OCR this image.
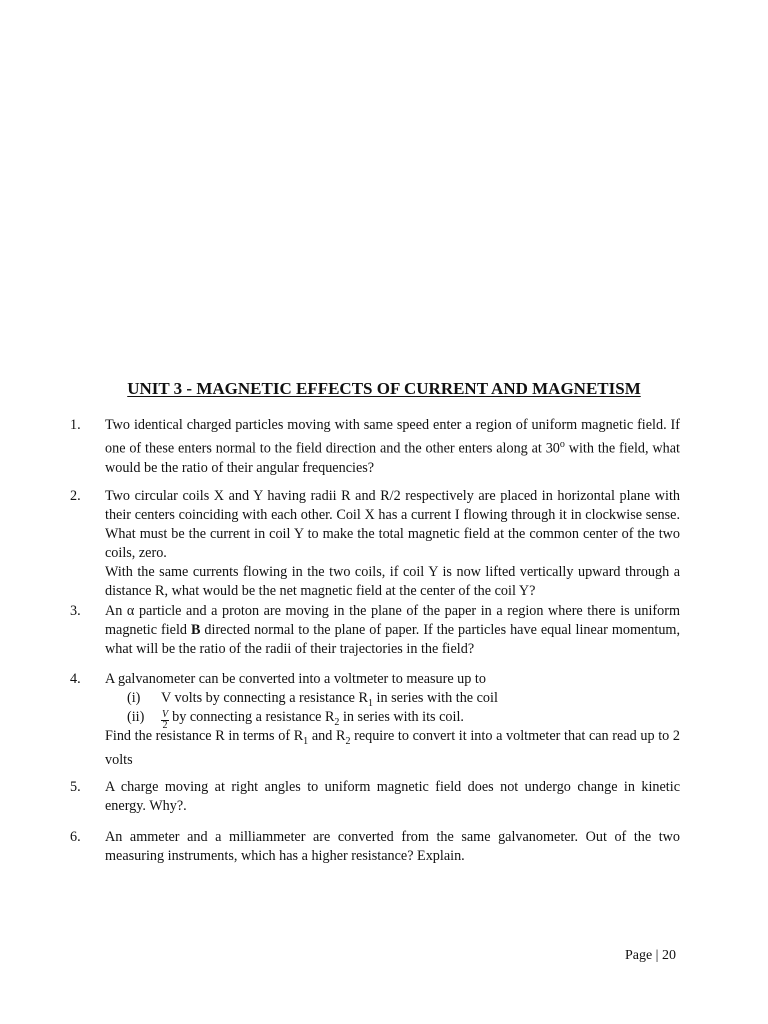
UNIT 3 - MAGNETIC EFFECTS OF CURRENT AND MAGNETISM
1. Two identical charged particles moving with same speed enter a region of uniform magnetic field. If one of these enters normal to the field direction and the other enters along at 30$^o$ with the field, what would be the ratio of their angular frequencies?
2. Two circular coils X and Y having radii R and R/2 respectively are placed in horizontal plane with their centers coinciding with each other. Coil X has a current I flowing through it in clockwise sense. What must be the current in coil Y to make the total magnetic field at the common center of the two coils, zero.

With the same currents flowing in the two coils, if coil Y is now lifted vertically upward through a distance R, what would be the net magnetic field at the center of the coil Y?

3. An α particle and a proton are moving in the plane of the paper in a region where there is uniform magnetic field B directed normal to the plane of paper. If the particles have equal linear momentum, what will be the ratio of the radii of their trajectories in the field?
4. A galvanometer can be converted into a voltmeter to measure up to

(i) V volts by connecting a resistance $R_1$ in series with the coil
$(ii) \frac{V}{2}$ by connecting a resistance $R_2$ in series with its coil.

Find the resistance R in terms of $R_1$ and $R_2$ require to convert it into a voltmeter that can read up to 2 volts

5. A charge moving at right angles to uniform magnetic field does not undergo change in kinetic energy. Why?.
6. An ammeter and a milliammeter are converted from the same galvanometer. Out of the two measuring instruments, which has a higher resistance? Explain.
Page | 20
